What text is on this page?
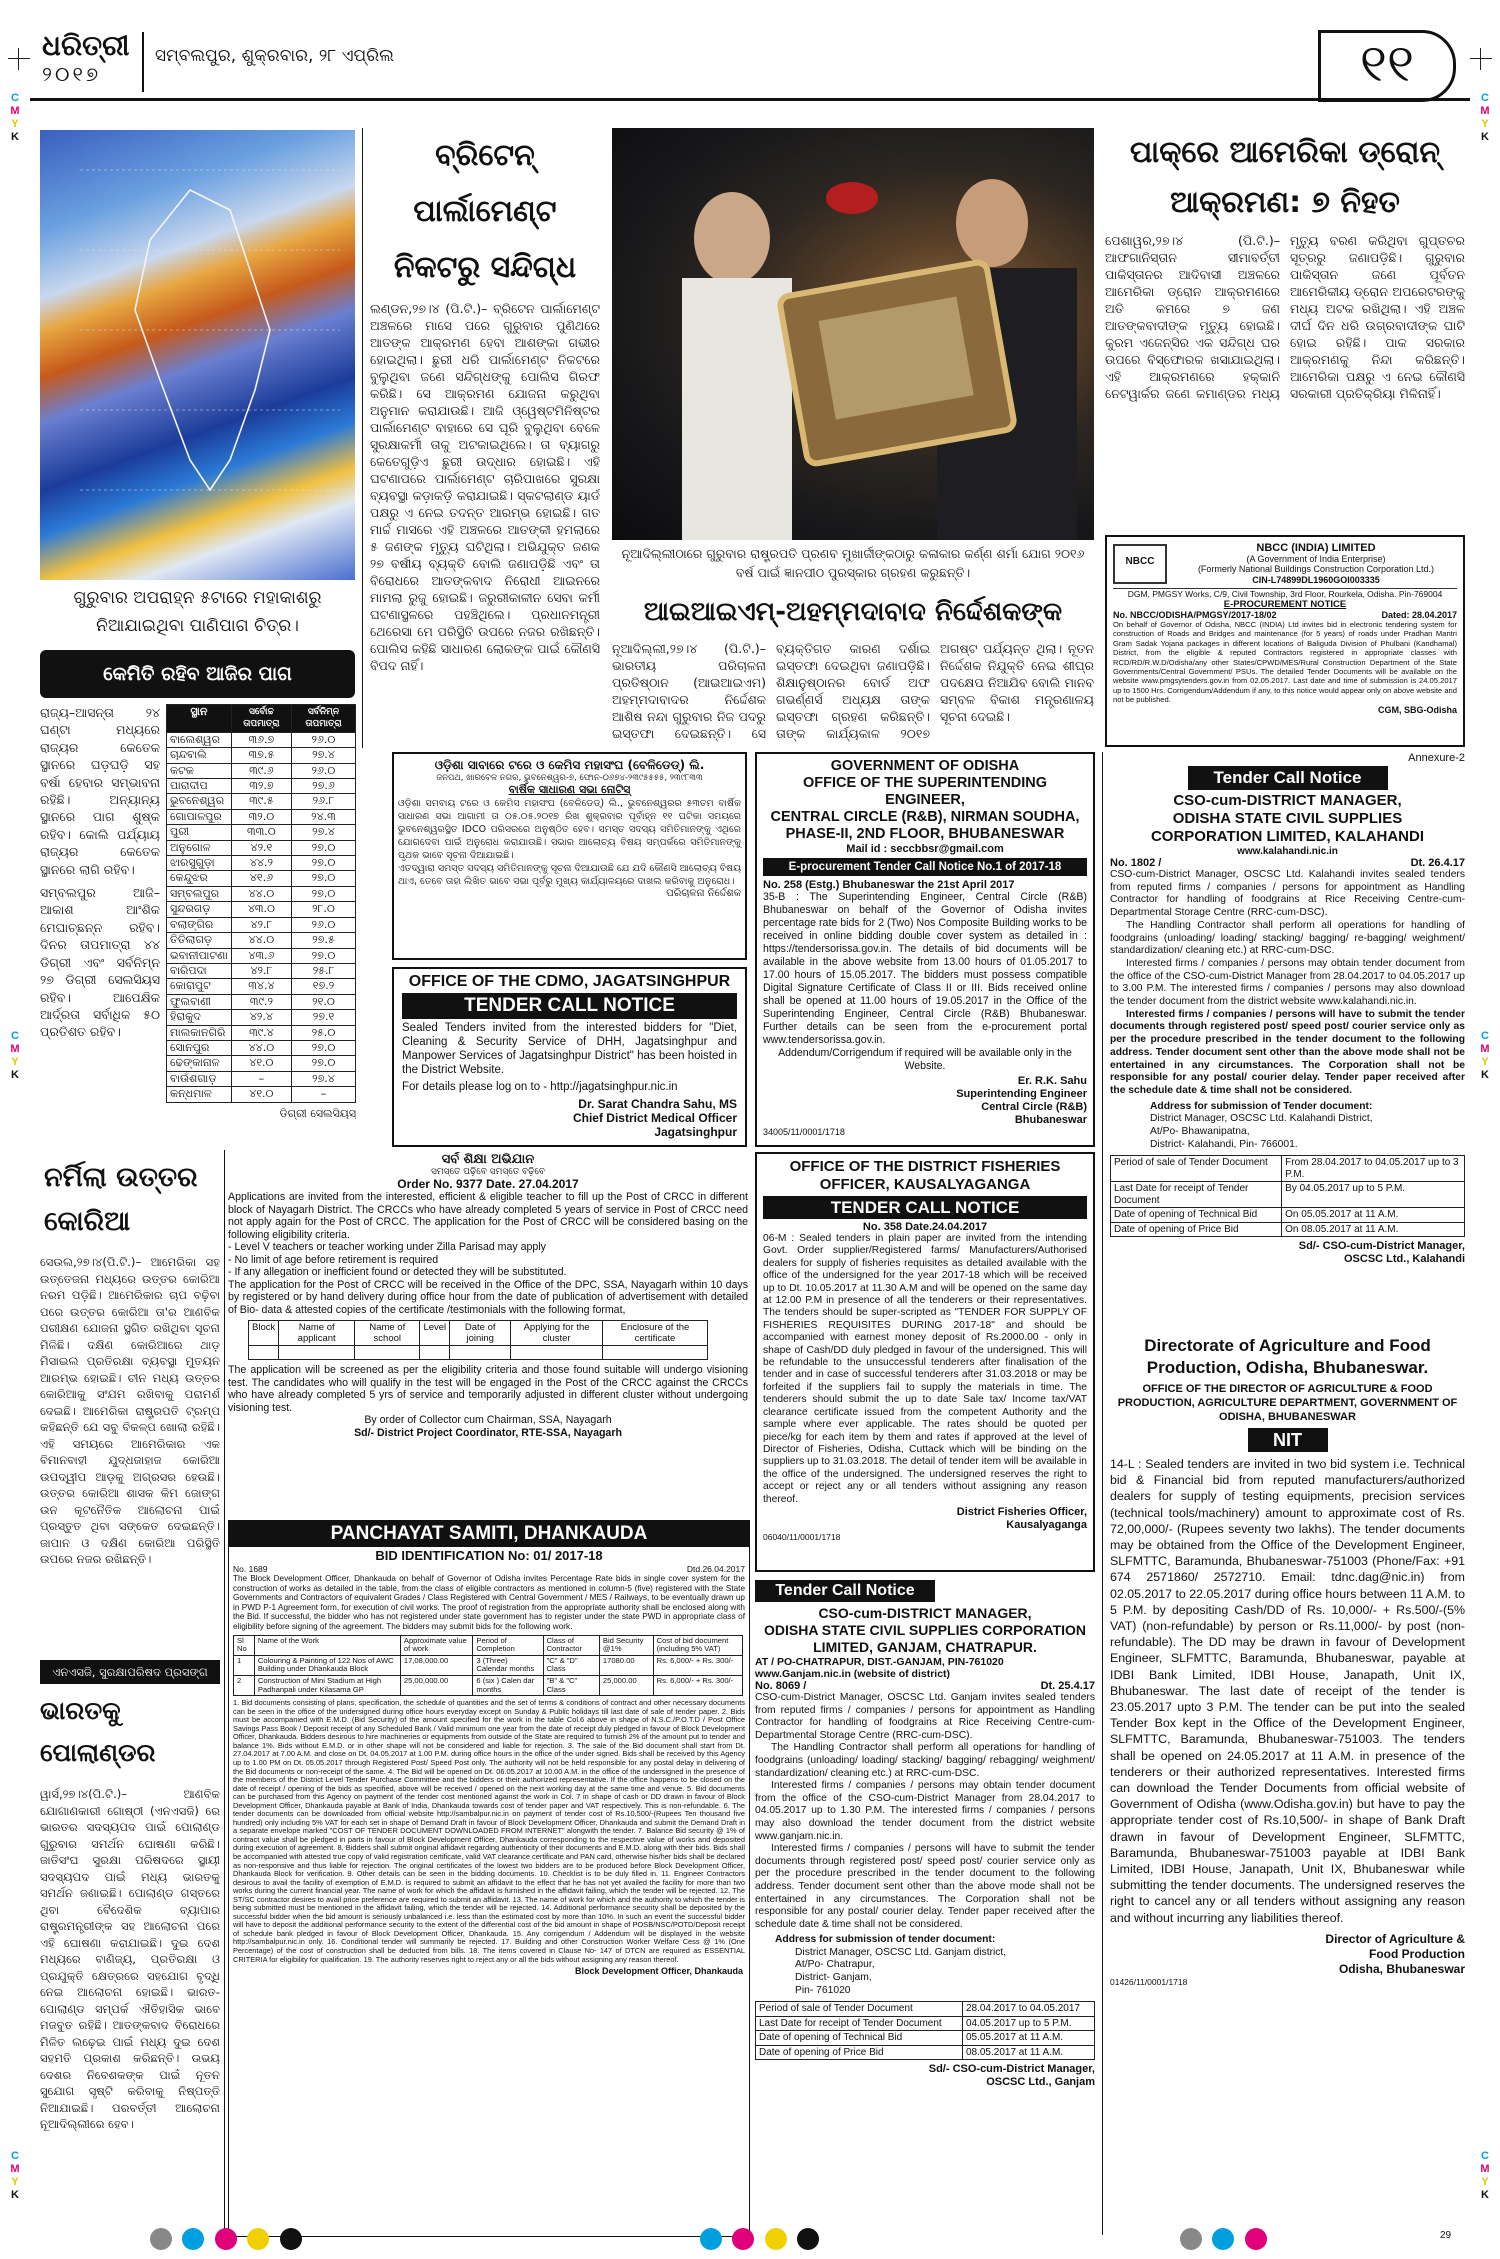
ଧରିତ୍ରୀ
୨୦୧୭
ସମ୍ବଲପୁର, ଶୁକ୍ରବାର, ୨୮ ଏପ୍ରିଲ	୧୧
C
M
Y
K
C
M
Y
K
C
M
Y
K
C
M
Y
K
C
M
Y
K
C
M
Y
K
ଗୁରୁବାର ଅପରାହ୍ନ ୫ଟାରେ ମହାକାଶରୁ ନିଆଯାଇଥିବା ପାଣିପାଗ ଚିତ୍ର।
କେମିତି ରହିବ ଆଜିର ପାଗ
ରାଜ୍ୟ–ଆସନ୍ତା ୨୪ ଘଣ୍ଟା ମଧ୍ୟରେ ରାଜ୍ୟର କେତେକ ସ୍ଥାନରେ ଘଡ଼ଘଡ଼ି ସହ ବର୍ଷା ହେବାର ସମ୍ଭାବନା ରହିଛି। ଅନ୍ୟାନ୍ୟ ସ୍ଥାନରେ ପାଗ ଶୁଷ୍କ ରହିବ। କୋଲି ପର୍ଯ୍ୟାୟ ରାଜ୍ୟର କେତେକ ସ୍ଥାନରେ ଲାଗି ରହିବ।
ସମ୍ବଲପୁର ଆଜି–ଆକାଶ ଆଂଶିକ ମେଘାଚ୍ଛନ୍ନ ରହିବ। ଦିନର ତାପମାତ୍ରା ୪୪ ଡିଗ୍ରୀ ଏବଂ ସର୍ବନିମ୍ନ ୨୭ ଡିଗ୍ରୀ ସେଲସିୟସ ରହିବ। ଆପେକ୍ଷିକ ଆର୍ଦ୍ରତା ସର୍ବାଧିକ ୫୦ ପ୍ରତିଶତ ରହିବ।
ସ୍ଥାନ	ସର୍ବୋଚ୍ଚ ତାପମାତ୍ରା	ସର୍ବନିମ୍ନ ତାପମାତ୍ରା
ବାଲେଶ୍ୱର	୩୬.୭	୨୬.୦
ଚାନ୍ଦବାଲି	୩୭.୫	୨୭.୪
କଟକ	୩୯.୬	୨୬.୦
ପାରାଦୀପ	୩୨.୭	୨୭.୬
ଭୁବନେଶ୍ୱର	୩୯.୫	୨୬.୮
ଗୋପାଳପୁର	୩୨.୦	୨୪.୩
ପୁରୀ	୩୩.୦	୨୭.୪
ଅନୁଗୋଳ	୪୨.୧	୨୭.୦
ଝାରସୁଗୁଡ଼ା	୪୪.୨	୨୭.୦
କେନ୍ଦୁଝର	୪୧.୬	୨୭.୦
ସମ୍ବଲପୁର	୪୪.୦	୨୭.୦
ସୁନ୍ଦରଗଡ଼	୪୩.୦	୨୮.୦
ବଲାଙ୍ଗିର	୪୨.୮	୨୬.୦
ତିତିଲାଗଡ଼	୪୪.୦	୨୭.୫
ଭବାନୀପାଟଣା	୪୩.୬	୨୭.୦
ବାରିପଦା	୪୨.୮	୨୫.୮
କୋରାପୁଟ	୩୪.୪	୧୭.୨
ଫୁଲବାଣୀ	୩୯.୨	୨୧.୦
ହିରାକୁଦ	୪୨.୪	୨୭.୧
ମାଲକାନଗିରି	୩୯.୪	୨୫.୦
ସୋନପୁର	୪୪.୦	୨୭.୦
ଢେଙ୍କାନାଳ	୪୧.୦	୨୭.୦
ବାଉଁଶଗାଡ଼	–	୨୭.୪
କନ୍ଧମାଳ	୪୧.୦	–
ଡିଗ୍ରୀ ସେଲସିୟସ୍
ବ୍ରିଟେନ୍ ପାର୍ଲାମେଣ୍ଟ ନିକଟରୁ ସନ୍ଦିଗ୍ଧ
ଲଣ୍ଡନ,୨୭।୪ (ପି.ଟି.)– ବ୍ରିଟେନ ପାର୍ଲାମେଣ୍ଟ ଅଞ୍ଚଳରେ ମାସେ ପରେ ଗୁରୁବାର ପୁଣିଥରେ ଆତଙ୍କ ଆକ୍ରମଣ ହେବା ଆଶଙ୍କା ଗଭୀର ହୋଇଥିଲା। ଛୁରୀ ଧରି ପାର୍ଲାମେଣ୍ଟ ନିକଟରେ ବୁଲୁଥିବା ଜଣେ ସନ୍ଦିଗ୍ଧଙ୍କୁ ପୋଲିସ ଗିରଫ କରିଛି। ସେ ଆକ୍ରମଣ ଯୋଜନା କରୁଥିବା ଅନୁମାନ କରାଯାଉଛି। ଆଜି ଓ୍ୱେଷ୍ଟମିନିଷ୍ଟର ପାର୍ଲାମେଣ୍ଟ ବାହାରେ ସେ ଘୂରି ବୁଲୁଥିବା ବେଳେ ସୁରକ୍ଷାକର୍ମୀ ତାକୁ ଅଟକାଇଥିଲେ। ତା ବ୍ୟାଗରୁ କେତେଗୁଡ଼ିଏ ଛୁରୀ ଉଦ୍ଧାର ହୋଇଛି। ଏହି ଘଟଣାପରେ ପାର୍ଲାମେଣ୍ଟ ଚାରିପାଖରେ ସୁରକ୍ଷା ବ୍ୟବସ୍ଥା କଡ଼ାକଡ଼ି କରାଯାଇଛି। ସ୍କଟଲାଣ୍ଡ ୟାର୍ଡ ପକ୍ଷରୁ ଏ ନେଇ ତଦନ୍ତ ଆରମ୍ଭ ହୋଇଛି। ଗତ ମାର୍ଚ୍ଚ ମାସରେ ଏହି ଅଞ୍ଚଳରେ ଆତଙ୍କୀ ହମଲାରେ ୫ ଜଣଙ୍କ ମୃତ୍ୟୁ ଘଟିଥିଲା। ଅଭିଯୁକ୍ତ ଜଣକ ୨୭ ବର୍ଷୀୟ ବ୍ୟକ୍ତି ବୋଲି ଜଣାପଡ଼ିଛି ଏବଂ ତା ବିରୋଧରେ ଆତଙ୍କବାଦ ନିରୋଧୀ ଆଇନରେ ମାମଲା ରୁଜୁ ହୋଇଛି। ଜରୁରୀକାଳୀନ ସେବା କର୍ମୀ ଘଟଣାସ୍ଥଳରେ ପହଞ୍ଚିଥିଲେ। ପ୍ରଧାନମନ୍ତ୍ରୀ ଥେରେସା ମେ ପରିସ୍ଥିତି ଉପରେ ନଜର ରଖିଛନ୍ତି। ପୋଲିସ କହିଛି ସାଧାରଣ ଲୋକଙ୍କ ପାଇଁ କୌଣସି ବିପଦ ନାହିଁ।
ନୂଆଦିଲ୍ଲୀଠାରେ ଗୁରୁବାର ରାଷ୍ଟ୍ରପତି ପ୍ରଣବ ମୁଖାର୍ଜୀଙ୍କଠାରୁ କଳାକାର କର୍ଣ୍ଣ ଶର୍ମା ଯୋଗ ୨୦୧୬ ବର୍ଷ ପାଇଁ ଜ୍ଞାନପୀଠ ପୁରସ୍କାର ଗ୍ରହଣ କରୁଛନ୍ତି।
ପାକ୍‌ରେ ଆମେରିକା ଡ୍ରୋନ୍ ଆକ୍ରମଣ: ୭ ନିହତ
ପେଶାୱର,୨୭।୪ (ପି.ଟି.)– ଆଫଗାନିସ୍ତାନ ସୀମାବର୍ତ୍ତୀ ପାକିସ୍ତାନର ଆଦିବାସୀ ଅଞ୍ଚଳରେ ଆମେରିକା ଡ୍ରୋନ ଆକ୍ରମଣରେ ଅତି କମରେ ୭ ଜଣ ଆତଙ୍କବାଦୀଙ୍କ ମୃତ୍ୟୁ ହୋଇଛି। କୁରମ ଏଜେନ୍ସିର ଏକ ସନ୍ଦିଗ୍ଧ ଘର ଉପରେ ବିସ୍ଫୋରକ ଖସାଯାଇଥିଲା। ଏହି ଆକ୍ରମଣରେ ହକ୍କାନି ନେଟୱାର୍କର ଜଣେ କମାଣ୍ଡର ମଧ୍ୟ ମୃତ୍ୟୁ ବରଣ କରିଥିବା ଗୁପ୍ତଚର ସୂତ୍ରରୁ ଜଣାପଡ଼ିଛି। ଗୁରୁବାର ପାକିସ୍ତାନ ଜଣେ ପୂର୍ବତନ ଆମେରିକୀୟ ଡ୍ରୋନ ଅପରେଟରଙ୍କୁ ମଧ୍ୟ ଅଟକ ରଖିଥିଲା। ଏହି ଅଞ୍ଚଳ ଦୀର୍ଘ ଦିନ ଧରି ଉଗ୍ରବାଦୀଙ୍କ ଘାଟି ହୋଇ ରହିଛି। ପାକ ସରକାର ଆକ୍ରମଣକୁ ନିନ୍ଦା କରିଛନ୍ତି। ଆମେରିକା ପକ୍ଷରୁ ଏ ନେଇ କୌଣସି ସରକାରୀ ପ୍ରତିକ୍ରିୟା ମିଳିନାହିଁ।
ଆଇଆଇଏମ୍-ଅହମ୍ମଦାବାଦ ନିର୍ଦ୍ଦେଶକଙ୍କ
ନୂଆଦିଲ୍ଲୀ,୨୭।୪ (ପି.ଟି.)– ଭାରତୀୟ ପରିଚାଳନା ପ୍ରତିଷ୍ଠାନ (ଆଇଆଇଏମ) ଅହମ୍ମଦାବାଦର ନିର୍ଦ୍ଦେଶକ ଆଶିଷ ନନ୍ଦା ଗୁରୁବାର ନିଜ ପଦରୁ ଇସ୍ତଫା ଦେଇଛନ୍ତି। ସେ ବ୍ୟକ୍ତିଗତ କାରଣ ଦର୍ଶାଇ ଇସ୍ତଫା ଦେଇଥିବା ଜଣାପଡ଼ିଛି। ଶିକ୍ଷାନୁଷ୍ଠାନର ବୋର୍ଡ ଅଫ ଗଭର୍ଣ୍ଣର୍ସ ଅଧ୍ୟକ୍ଷ ତାଙ୍କ ଇସ୍ତଫା ଗ୍ରହଣ କରିଛନ୍ତି। ତାଙ୍କ କାର୍ଯ୍ୟକାଳ ୨୦୧୭ ଅଗଷ୍ଟ ପର୍ଯ୍ୟନ୍ତ ଥିଲା। ନୂତନ ନିର୍ଦ୍ଦେଶକ ନିଯୁକ୍ତି ନେଇ ଶୀଘ୍ର ପଦକ୍ଷେପ ନିଆଯିବ ବୋଲି ମାନବ ସମ୍ବଳ ବିକାଶ ମନ୍ତ୍ରଣାଳୟ ସୂଚନା ଦେଇଛି।
NBCC
NBCC (INDIA) LIMITED
(A Government of India Enterprise)
(Formerly National Buildings Construction Corporation Ltd.)
CIN-L74899DL1960GOI003335
DGM, PMGSY Works, C/9, Civil Township, 3rd Floor, Rourkela, Odisha. Pin-769004
E-PROCUREMENT NOTICE
No. NBCC/ODISHA/PMGSY/2017-18/02	Dated: 28.04.2017
On behalf of Governor of Odisha, NBCC (INDIA) Ltd invites bid in electronic tendering system for construction of Roads and Bridges and maintenance (for 5 years) of roads under Pradhan Mantri Gram Sadak Yojana packages in different locations of Baliguda Division of Phulbani (Kandhamal) District, from the eligible & reputed Contractors registered in appropriate classes with RCD/RD/R.W.D/Odisha/any other States/CPWD/MES/Rural Construction Department of the State Governments/Central Government/ PSUs. The detailed Tender Documents will be available on the website www.pmgsytenders.gov.in from 02.05.2017. Last date and time of submission is 24.05.2017 up to 1500 Hrs. Corrigendum/Addendum if any, to this notice would appear only on above website and not be published.
CGM, SBG-Odisha
ଓଡ଼ିଶା ସାବାରେ ଟରେ ଓ କେମିସ ମହାସଂଘ (ବେଳିଡେଡ୍) ଲି.
ଜନପଥ, ଖାରବେଳ ନଗର, ଭୁବନେଶ୍ୱର-୭, ଫୋନ-୦୬୭୪-୨୩୯୫୫୫୫, ୨୩୯୮୩୩
ବାର୍ଷିକ ସାଧାରଣ ସଭା ନୋଟିସ୍
ଓଡ଼ିଶା ସମବାୟ ଟରେ ଓ କେମିସ ମହାସଂଘ (ବେଳିଡେଡ୍) ଲି., ଭୁବନେଶ୍ୱରର ୫୩ତମ ବାର୍ଷିକ ସାଧାରଣ ସଭା ଆଗାମୀ ତା ୦୫.୦୫.୨୦୧୭ ରିଖ ଶୁକ୍ରବାର ପୂର୍ବାହ୍ନ ୧୧ ଘଟିକା ସମୟରେ ଭୁବନେଶ୍ୱରସ୍ଥିତ IDCO ପରିସରରେ ଅନୁଷ୍ଠିତ ହେବ। ସମସ୍ତ ସଦସ୍ୟ ସମିତିମାନଙ୍କୁ ଏଥିରେ ଯୋଗଦେବା ପାଇଁ ଅନୁରୋଧ କରାଯାଉଛି। ସଭାର ଆଲୋଚ୍ୟ ବିଷୟ ସମ୍ପର୍କରେ ସମିତିମାନଙ୍କୁ ପୃଥକ ଭାବେ ସୂଚନା ଦିଆଯାଇଛି।
ଏତଦ୍ୱାରା ସମସ୍ତ ସଦସ୍ୟ ସମିତିମାନଙ୍କୁ ସୂଚନା ଦିଆଯାଉଛି ଯେ ଯଦି କୌଣସି ଆଲୋଚ୍ୟ ବିଷୟ ଥାଏ, ତେବେ ତାହା ଲିଖିତ ଭାବେ ସଭା ପୂର୍ବରୁ ମୁଖ୍ୟ କାର୍ଯ୍ୟାଳୟରେ ଦାଖଲ କରିବାକୁ ଅନୁରୋଧ।
ପରିଚାଳନା ନିର୍ଦ୍ଦେଶକ
OFFICE OF THE CDMO, JAGATSINGHPUR
TENDER CALL NOTICE
Sealed Tenders invited from the interested bidders for "Diet, Cleaning & Security Service of DHH, Jagatsinghpur and Manpower Services of Jagatsinghpur District" has been hoisted in the District Website.
For details please log on to - http://jagatsinghpur.nic.in
Dr. Sarat Chandra Sahu, MS
Chief District Medical Officer
Jagatsinghpur
GOVERNMENT OF ODISHA
OFFICE OF THE SUPERINTENDING ENGINEER,
CENTRAL CIRCLE (R&B), NIRMAN SOUDHA,
PHASE-II, 2ND FLOOR, BHUBANESWAR
Mail id : seccbbsr@gmail.com
E-procurement Tender Call Notice No.1 of 2017-18
No. 258 (Estg.) Bhubaneswar the 21st April 2017
35-B : The Superintending Engineer, Central Circle (R&B) Bhubaneswar on behalf of the Governor of Odisha invites percentage rate bids for 2 (Two) Nos Composite Building works to be received in online bidding double cover system as detailed in : https://tendersorissa.gov.in. The details of bid documents will be available in the above website from 13.00 hours of 01.05.2017 to 17.00 hours of 15.05.2017. The bidders must possess compatible Digital Signature Certificate of Class II or III. Bids received online shall be opened at 11.00 hours of 19.05.2017 in the Office of the Superintending Engineer, Central Circle (R&B) Bhubaneswar. Further details can be seen from the e-procurement portal www.tendersorissa.gov.in.
Addendum/Corrigendum if required will be available only in the Website.
Er. R.K. Sahu
Superintending Engineer
Central Circle (R&B)
Bhubaneswar
34005/11/0001/1718
Annexure-2
Tender Call Notice
CSO-cum-DISTRICT MANAGER,
ODISHA STATE CIVIL SUPPLIES
CORPORATION LIMITED, KALAHANDI
www.kalahandi.nic.in
No. 1802 /	Dt. 26.4.17
CSO-cum-District Manager, OSCSC Ltd. Kalahandi invites sealed tenders from reputed firms / companies / persons for appointment as Handling Contractor for handling of foodgrains at Rice Receiving Centre-cum-Departmental Storage Centre (RRC-cum-DSC).
The Handling Contractor shall perform all operations for handling of foodgrains (unloading/ loading/ stacking/ bagging/ re-bagging/ weighment/ standardization/ cleaning etc.) at RRC-cum-DSC.
Interested firms / companies / persons may obtain tender document from the office of the CSO-cum-District Manager from 28.04.2017 to 04.05.2017 up to 3.00 P.M. The interested firms / companies / persons may also download the tender document from the district website www.kalahandi.nic.in.
Interested firms / companies / persons will have to submit the tender documents through registered post/ speed post/ courier service only as per the procedure prescribed in the tender document to the following address. Tender document sent other than the above mode shall not be entertained in any circumstances. The Corporation shall not be responsible for any postal/ courier delay. Tender paper received after the schedule date & time shall not be considered.
Address for submission of Tender document:
District Manager, OSCSC Ltd. Kalahandi District,
At/Po- Bhawanipatna,
District- Kalahandi, Pin- 766001.
Period of sale of Tender Document	From 28.04.2017 to 04.05.2017 up to 3 P.M.
Last Date for receipt of Tender Document	By 04.05.2017 up to 5 P.M.
Date of opening of Technical Bid	On 05.05.2017 at 11 A.M.
Date of opening of Price Bid	On 08.05.2017 at 11 A.M.
Sd/- CSO-cum-District Manager,
OSCSC Ltd., Kalahandi
ନର୍ମିଲା ଉତ୍ତର କୋରିଆ
ସେଉଲ,୨୭।୪(ପି.ଟି.)– ଆମେରିକା ସହ ଉତ୍ତେଜନା ମଧ୍ୟରେ ଉତ୍ତର କୋରିଆ ନରମ ପଡ଼ିଛି। ଆମେରିକାର ଚାପ ବଢ଼ିବା ପରେ ଉତ୍ତର କୋରିଆ ତା'ର ଆଣବିକ ପରୀକ୍ଷଣ ଯୋଜନା ସ୍ଥଗିତ ରଖିଥିବା ସୂଚନା ମିଳିଛି। ଦକ୍ଷିଣ କୋରିଆରେ ଥାଡ଼ ମିସାଇଲ ପ୍ରତିରକ୍ଷା ବ୍ୟବସ୍ଥା ମୁତୟନ ଆରମ୍ଭ ହୋଇଛି। ଚୀନ ମଧ୍ୟ ଉତ୍ତର କୋରିଆକୁ ସଂଯମ ରଖିବାକୁ ପରାମର୍ଶ ଦେଇଛି। ଆମେରିକା ରାଷ୍ଟ୍ରପତି ଟ୍ରମ୍ପ କହିଛନ୍ତି ଯେ ସବୁ ବିକଳ୍ପ ଖୋଲା ରହିଛି। ଏହି ସମୟରେ ଆମେରିକାର ଏକ ବିମାନବାହୀ ଯୁଦ୍ଧଜାହାଜ କୋରିଆ ଉପଦ୍ୱୀପ ଆଡ଼କୁ ଅଗ୍ରସର ହେଉଛି। ଉତ୍ତର କୋରିଆ ଶାସକ କିମ ଜୋଙ୍ଗ ଉନ କୂଟନୈତିକ ଆଲୋଚନା ପାଇଁ ପ୍ରସ୍ତୁତ ଥିବା ସଙ୍କେତ ଦେଇଛନ୍ତି। ଜାପାନ ଓ ଦକ୍ଷିଣ କୋରିଆ ପରିସ୍ଥିତି ଉପରେ ନଜର ରଖିଛନ୍ତି।
ଏନଏସଜି, ସୁରକ୍ଷାପରିଷଦ ପ୍ରସଙ୍ଗ
ଭାରତକୁ ପୋଲାଣ୍ଡର
ୱାର୍ସ,୨୭।୪(ପି.ଟି.)– ଆଣବିକ ଯୋଗାଣକାରୀ ଗୋଷ୍ଠୀ (ଏନଏସଜି) ରେ ଭାରତର ସଦସ୍ୟପଦ ପାଇଁ ପୋଲାଣ୍ଡ ଗୁରୁବାର ସମର୍ଥନ ଘୋଷଣା କରିଛି। ଜାତିସଂଘ ସୁରକ୍ଷା ପରିଷଦରେ ସ୍ଥାୟୀ ସଦସ୍ୟପଦ ପାଇଁ ମଧ୍ୟ ଭାରତକୁ ସମର୍ଥନ ଜଣାଇଛି। ପୋଲାଣ୍ଡ ଗସ୍ତରେ ଥିବା ବୈଦେଶିକ ବ୍ୟାପାର ରାଷ୍ଟ୍ରମନ୍ତ୍ରୀଙ୍କ ସହ ଆଲୋଚନା ପରେ ଏହି ଘୋଷଣା କରାଯାଇଛି। ଦୁଇ ଦେଶ ମଧ୍ୟରେ ବାଣିଜ୍ୟ, ପ୍ରତିରକ୍ଷା ଓ ପ୍ରଯୁକ୍ତି କ୍ଷେତ୍ରରେ ସହଯୋଗ ବୃଦ୍ଧି ନେଇ ଆଲୋଚନା ହୋଇଛି। ଭାରତ-ପୋଲାଣ୍ଡ ସମ୍ପର୍କ ଐତିହାସିକ ଭାବେ ମଜବୁତ ରହିଛି। ଆତଙ୍କବାଦ ବିରୋଧରେ ମିଳିତ ଲଢ଼େଇ ପାଇଁ ମଧ୍ୟ ଦୁଇ ଦେଶ ସହମତି ପ୍ରକାଶ କରିଛନ୍ତି। ଉଭୟ ଦେଶର ନିବେଶକଙ୍କ ପାଇଁ ନୂତନ ସୁଯୋଗ ସୃଷ୍ଟି କରିବାକୁ ନିଷ୍ପତ୍ତି ନିଆଯାଇଛି। ପରବର୍ତ୍ତୀ ଆଲୋଚନା ନୂଆଦିଲ୍ଲୀରେ ହେବ।
ସର୍ବ ଶିକ୍ଷା ଅଭିଯାନ
ସମସ୍ତେ ପଢ଼ିବେ ସମସ୍ତେ ବଢ଼ିବେ
Order No. 9377 Date. 27.04.2017
Applications are invited from the interested, efficient & eligible teacher to fill up the Post of CRCC in different block of Nayagarh District. The CRCCs who have already completed 5 years of service in Post of CRCC need not apply again for the Post of CRCC. The application for the Post of CRCC will be considered basing on the following eligibility criteria.
- Level V teachers or teacher working under Zilla Parisad may apply
- No limit of age before retirement is required
- If any allegation or inefficient found or detected they will be substituted.
The application for the Post of CRCC will be received in the Office of the DPC, SSA, Nayagarh within 10 days by registered or by hand delivery during office hour from the date of publication of advertisement with detailed of Bio- data & attested copies of the certificate /testimonials with the following format,
Block	Name of applicant	Name of school	Level	Date of joining	Applying for the cluster	Enclosure of the certificate

The application will be screened as per the eligibility criteria and those found suitable will undergo visioning test. The candidates who will qualify in the test will be engaged in the Post of the CRCC against the CRCCs who have already completed 5 yrs of service and temporarily adjusted in different cluster without undergoing visioning test.
By order of Collector cum Chairman, SSA, Nayagarh
Sd/- District Project Coordinator, RTE-SSA, Nayagarh
PANCHAYAT SAMITI, DHANKAUDA
BID IDENTIFICATION No: 01/ 2017-18
No. 1689	Dtd.26.04.2017
The Block Development Officer, Dhankauda on behalf of Governor of Odisha invites Percentage Rate bids in single cover system for the construction of works as detailed in the table, from the class of eligible contractors as mentioned in column-5 (five) registered with the State Governments and Contractors of equivalent Grades / Class Registered with Central Government / MES / Railways, to be eventually drawn up in PWD P-1 Agreement form, for execution of civil works. The proof of registration from the appropriate authority shall be enclosed along with the Bid. If successful, the bidder who has not registered under state government has to register under the state PWD in appropriate class of eligibility before signing of the agreement. The bidders may submit bids for the following work.
Sl No	Name of the Work	Approximate value of work	Period of Completion	Class of Contractor	Bid Security @1%	Cost of bid document (including 5% VAT)
1	Colouring & Painting of 122 Nos of AWC Building under Dhankauda Block	17,08,000.00	3 (Three) Calendar months	"C" & "D" Class	17080.00	Rs. 6,000/- + Rs. 300/-
2	Construction of Mini Stadium at High Padhanpali under Kilasama GP	25,00,000.00	6 (six ) Calen dar months	"B" & "C" Class	25,000.00	Rs. 6,000/- + Rs. 300/-
1. Bid documents consisting of plans, specification, the schedule of quantities and the set of terms & conditions of contract and other necessary documents can be seen in the office of the undersigned during office hours everyday except on Sunday & Public holidays till last date of sale of tender paper. 2. Bids must be accompanied with E.M.D. (Bid Security) of the amount specified for the work in the table Col.6 above in shape of N.S.C./P.O.T.D / Post Office Savings Pass Book / Deposit receipt of any Scheduled Bank / Valid minimum one year from the date of receipt duly pledged in favour of Block Development Officer, Dhankauda. Bidders desirous to hire machineries or equipments from outside of the State are required to furnish 2% of the amount put to tender and balance 1%. Bids without E.M.D. or in other shape will not be considered and liable for rejection. 3. The sale of the Bid document shall start from Dt. 27.04.2017 at 7.00 A.M. and close on Dt. 04.05.2017 at 1.00 P.M. during office hours in the office of the under signed. Bids shall be received by this Agency up to 1.00 PM on Dt. 05.05.2017 through Registered Post/ Speed Post only. The authority will not be held responsible for any postal delay in delivering of the Bid documents or non-receipt of the same. 4. The Bid will be opened on Dt. 06.05.2017 at 10.00 A.M. in the office of the undersigned in the presence of the members of the District Level Tender Purchase Committee and the bidders or their authorized representative. If the office happens to be closed on the date of receipt / opening of the bids as specified, above will be received / opened on the next working day at the same time and venue. 5. Bid documents can be purchased from this Agency on payment of the tender cost mentioned against the work in Col. 7 in shape of cash or DD drawn in favour of Block Development Officer, Dhankauda payable at Bank of India, Dhankauda towards cost of tender paper and VAT respectively. This is non-refundable. 6. The tender documents can be downloaded from official website http://sambalpur.nic.in on payment of tender cost of Rs.10,500/-(Rupees Ten thousand five hundred) only including 5% VAT for each set in shape of Demand Draft in favour of Block Development Officer, Dhankauda and submit the Demand Draft in a separate envelope marked "COST OF TENDER DOCUMENT DOWNLOADED FROM INTERNET" alongwith the tender. 7. Balance Bid security @ 1% of contract value shall be pledged in parts in favour of Block Development Officer, Dhankauda corresponding to the respective value of works and deposited during execution of agreement. 8. Bidders shall submit original affidavit regarding authenticity of their documents and E.M.D. along with their bids. Bids shall be accompanied with attested true copy of valid registration certificate, valid VAT clearance certificate and PAN card, otherwise his/her bids shall be declared as non-responsive and thus liable for rejection. The original certificates of the lowest two bidders are to be produced before Block Development Officer, Dhankauda Block for verification. 9. Other details can be seen in the bidding documents. 10. Checklist is to be duly filled in. 11. Engineer Contractors desirous to avail the facility of exemption of E.M.D. is required to submit an affidavit to the effect that he has not yet availed the facility for more than two works during the current financial year. The name of work for which the affidavit is furnished in the affidavit failing, which the tender will be rejected. 12. The ST/SC contractor desires to avail price preference are required to submit an affidavit. 13. The name of work for which and the authority to which the tender is being submitted must be mentioned in the affidavit failing, which the tender will be rejected. 14. Additional performance security shall be deposited by the successful bidder when the bid amount is seriously unbalanced i.e. less than the estimated cost by more than 10%. In such an event the successful bidder will have to deposit the additional performance security to the extent of the differential cost of the bid amount in shape of POSB/NSC/POTD/Deposit receipt of schedule bank pledged in favour of Block Development Officer, Dhankauda. 15. Any corrigendum / Addendum will be displayed in the website http://sambalpur.nic.in only. 16. Conditional tender will summarily be rejected. 17. Building and other Construction Worker Welfare Cess @ 1% (One Percentage) of the cost of construction shall be deducted from bills. 18. The items covered in Clause No- 147 of DTCN are required as ESSENTIAL CRITERIA for eligibility for qualification. 19. The authority reserves right to reject any or all the bids without assigning any reason thereof.
Block Development Officer, Dhankauda
OFFICE OF THE DISTRICT FISHERIES
OFFICER, KAUSALYAGANGA
TENDER CALL NOTICE
No. 358 Date.24.04.2017
06-M : Sealed tenders in plain paper are invited from the intending Govt. Order supplier/Registered farms/ Manufacturers/Authorised dealers for supply of fisheries requisites as detailed available with the office of the undersigned for the year 2017-18 which will be received up to Dt. 10.05.2017 at 11.30 A.M and will be opened on the same day at 12.00 P.M in presence of all the tenderers or their representatives. The tenders should be super-scripted as "TENDER FOR SUPPLY OF FISHERIES REQUISITES DURING 2017-18" and should be accompanied with earnest money deposit of Rs.2000.00 - only in shape of Cash/DD duly pledged in favour of the undersigned. This will be refundable to the unsuccessful tenderers after finalisation of the tender and in case of successful tenderers after 31.03.2018 or may be forfeited if the suppliers fail to supply the materials in time. The tenderers should submit the up to date Sale tax/ Income tax/VAT clearance certificate issued from the competent Authority and the sample where ever applicable. The rates should be quoted per piece/kg for each item by them and rates if approved at the level of Director of Fisheries, Odisha, Cuttack which will be binding on the suppliers up to 31.03.2018. The detail of tender item will be available in the office of the undersigned. The undersigned reserves the right to accept or reject any or all tenders without assigning any reason thereof.
District Fisheries Officer,
Kausalyaganga
06040/11/0001/1718
Tender Call Notice
CSO-cum-DISTRICT MANAGER,
ODISHA STATE CIVIL SUPPLIES CORPORATION
LIMITED, GANJAM, CHATRAPUR.
AT / PO-CHATRAPUR, DIST.-GANJAM, PIN-761020
www.Ganjam.nic.in (website of district)
No. 8069 /	Dt. 25.4.17
CSO-cum-District Manager, OSCSC Ltd. Ganjam invites sealed tenders from reputed firms / companies / persons for appointment as Handling Contractor for handling of foodgrains at Rice Receiving Centre-cum-Departmental Storage Centre (RRC-cum-DSC).
The Handling Contractor shall perform all operations for handling of foodgrains (unloading/ loading/ stacking/ bagging/ rebagging/ weighment/ standardization/ cleaning etc.) at RRC-cum-DSC.
Interested firms / companies / persons may obtain tender document from the office of the CSO-cum-District Manager from 28.04.2017 to 04.05.2017 up to 1.30 P.M. The interested firms / companies / persons may also download the tender document from the district website www.ganjam.nic.in.
Interested firms / companies / persons will have to submit the tender documents through registered post/ speed post/ courier service only as per the procedure prescribed in the tender document to the following address. Tender document sent other than the above mode shall not be entertained in any circumstances. The Corporation shall not be responsible for any postal/ courier delay. Tender paper received after the schedule date & time shall not be considered.
Address for submission of tender document:
District Manager, OSCSC Ltd. Ganjam district,
At/Po- Chatrapur,
District- Ganjam,
Pin- 761020
Period of sale of Tender Document	28.04.2017 to 04.05.2017
Last Date for receipt of Tender Document	04.05.2017 up to 5 P.M.
Date of opening of Technical Bid	05.05.2017 at 11 A.M.
Date of opening of Price Bid	08.05.2017 at 11 A.M.
Sd/- CSO-cum-District Manager,
OSCSC Ltd., Ganjam
Directorate of Agriculture and Food Production, Odisha, Bhubaneswar.
OFFICE OF THE DIRECTOR OF AGRICULTURE & FOOD PRODUCTION, AGRICULTURE DEPARTMENT, GOVERNMENT OF ODISHA, BHUBANESWAR
NIT
14-L : Sealed tenders are invited in two bid system i.e. Technical bid & Financial bid from reputed manufacturers/authorized dealers for supply of testing equipments, precision services (technical tools/machinery) amount to approximate cost of Rs. 72,00,000/- (Rupees seventy two lakhs). The tender documents may be obtained from the Office of the Development Engineer, SLFMTTC, Baramunda, Bhubaneswar-751003 (Phone/Fax: +91 674 2571860/ 2572710. Email: tdnc.dag@nic.in) from 02.05.2017 to 22.05.2017 during office hours between 11 A.M. to 5 P.M. by depositing Cash/DD of Rs. 10,000/- + Rs.500/-(5% VAT) (non-refundable) by person or Rs.11,000/- by post (non-refundable). The DD may be drawn in favour of Development Engineer, SLFMTTC, Baramunda, Bhubaneswar, payable at IDBI Bank Limited, IDBI House, Janapath, Unit IX, Bhubaneswar. The last date of receipt of the tender is 23.05.2017 upto 3 P.M. The tender can be put into the sealed Tender Box kept in the Office of the Development Engineer, SLFMTTC, Baramunda, Bhubaneswar-751003. The tenders shall be opened on 24.05.2017 at 11 A.M. in presence of the tenderers or their authorized representatives. Interested firms can download the Tender Documents from official website of Government of Odisha (www.Odisha.gov.in) but have to pay the appropriate tender cost of Rs.10,500/- in shape of Bank Draft drawn in favour of Development Engineer, SLFMTTC, Baramunda, Bhubaneswar-751003 payable at IDBI Bank Limited, IDBI House, Janapath, Unit IX, Bhubaneswar while submitting the tender documents. The undersigned reserves the right to cancel any or all tenders without assigning any reason and without incurring any liabilities thereof.
Director of Agriculture &
Food Production
Odisha, Bhubaneswar
01426/11/0001/1718

29
